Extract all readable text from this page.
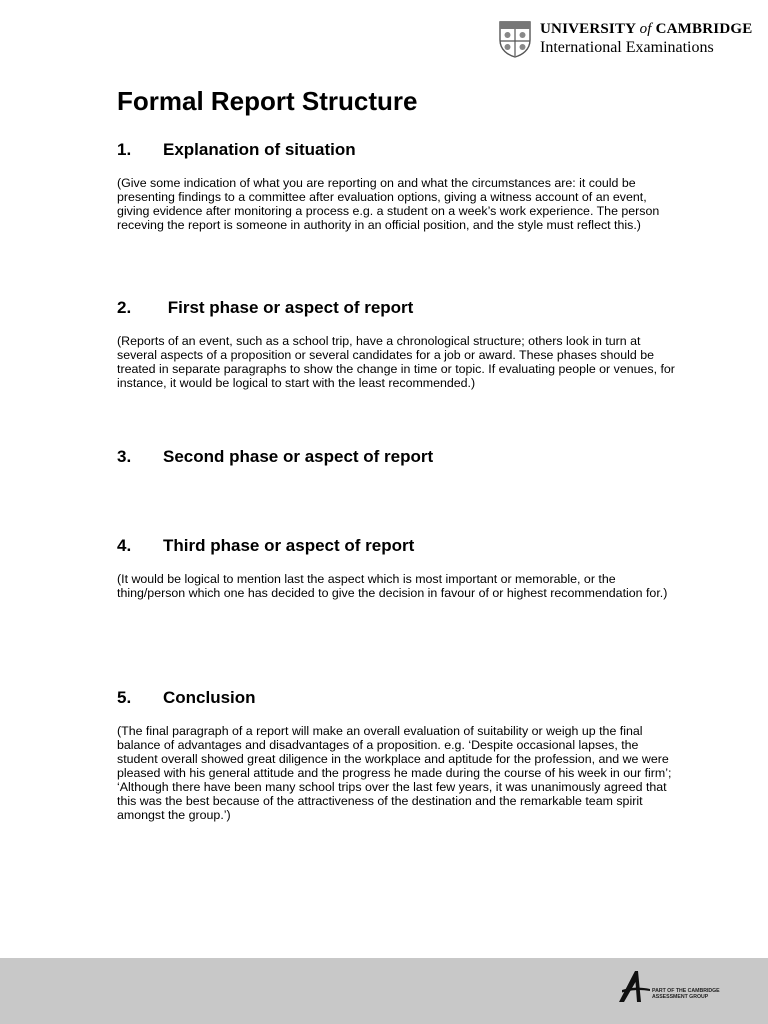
UNIVERSITY of CAMBRIDGE
International Examinations
Formal Report Structure
1.	Explanation of situation

(Give some indication of what you are reporting on and what the circumstances are: it could be presenting findings to a committee after evaluation options, giving a witness account of an event, giving evidence after monitoring a process e.g. a student on a week’s work experience. The person receving the report is someone in authority in an official position, and the style must reflect this.)

2.	First phase or aspect of report

(Reports of an event, such as a school trip, have a chronological structure; others look in turn at several aspects of a proposition or several candidates for a job or award. These phases should be treated in separate paragraphs to show the change in time or topic. If evaluating people or venues, for instance, it would be logical to start with the least recommended.)

3.	Second phase or aspect of report
4.	Third phase or aspect of report

(It would be logical to mention last the aspect which is most important or memorable, or the thing/person which one has decided to give the decision in favour of or highest recommendation for.)

5.	Conclusion

(The final paragraph of a report will make an overall evaluation of suitability or weigh up the final balance of advantages and disadvantages of a proposition. e.g. ‘Despite occasional lapses, the student overall showed great diligence in the workplace and aptitude for the profession, and we were pleased with his general attitude and the progress he made during the course of his week in our firm’; ‘Although there have been many school trips over the last few years, it was unanimously agreed that this was the best because of the attractiveness of the destination and the remarkable team spirit amongst the group.’)

PART OF THE CAMBRIDGE ASSESSMENT GROUP
